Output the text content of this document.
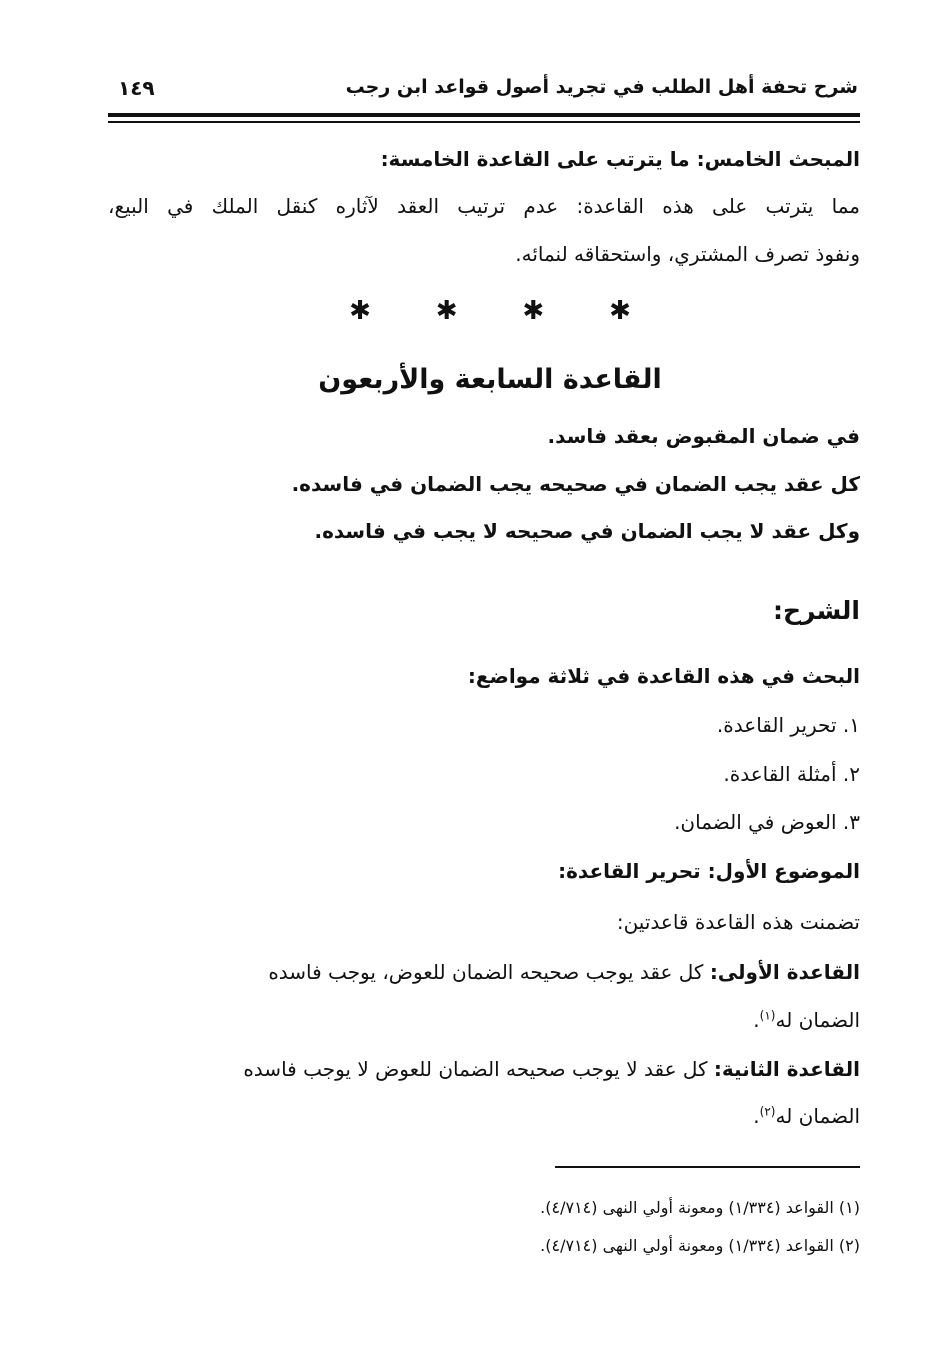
شرح تحفة أهل الطلب في تجريد أصول قواعد ابن رجب
١٤٩
المبحث الخامس: ما يترتب على القاعدة الخامسة:
مما يترتب على هذه القاعدة: عدم ترتيب العقد لآثاره كنقل الملك في البيع،
ونفوذ تصرف المشتري، واستحقاقه لنمائه.
✱	✱	✱	✱
القاعدة السابعة والأربعون
في ضمان المقبوض بعقد فاسد.
كل عقد يجب الضمان في صحيحه يجب الضمان في فاسده.
وكل عقد لا يجب الضمان في صحيحه لا يجب في فاسده.
الشرح:
البحث في هذه القاعدة في ثلاثة مواضع:
١. تحرير القاعدة.
٢. أمثلة القاعدة.
٣. العوض في الضمان.
الموضوع الأول: تحرير القاعدة:
تضمنت هذه القاعدة قاعدتين:
القاعدة الأولى: كل عقد يوجب صحيحه الضمان للعوض، يوجب فاسده
الضمان له$^{(١)}$.
القاعدة الثانية: كل عقد لا يوجب صحيحه الضمان للعوض لا يوجب فاسده
الضمان له$^{(٢)}$.
(١) القواعد (١/٣٣٤) ومعونة أولي النهى (٤/٧١٤).
(٢) القواعد (١/٣٣٤) ومعونة أولي النهى (٤/٧١٤).
